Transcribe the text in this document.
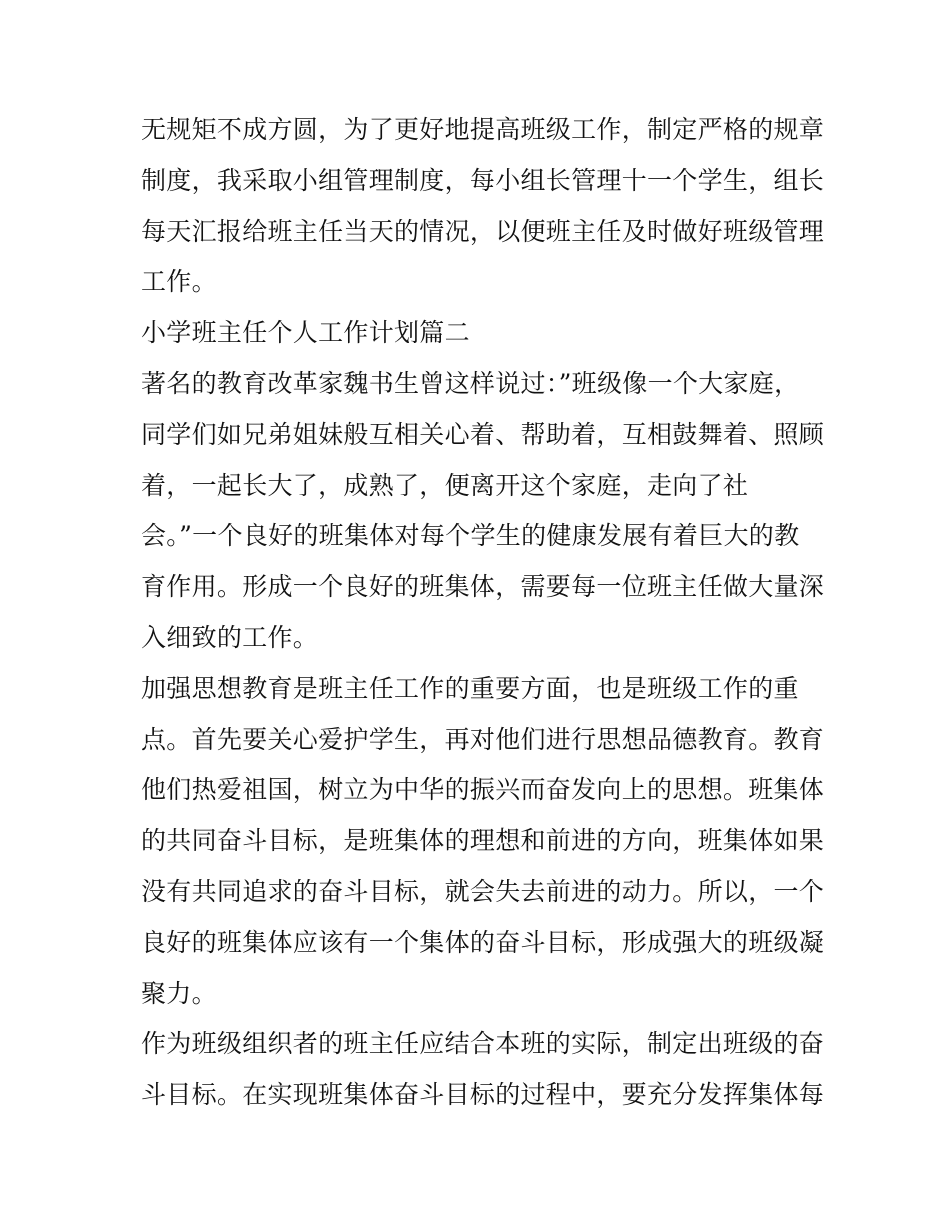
无规矩不成方圆，为了更好地提高班级工作，制定严格的规章
制度，我采取小组管理制度，每小组长管理十一个学生，组长
每天汇报给班主任当天的情况，以便班主任及时做好班级管理
工作。
小学班主任个人工作计划篇二
著名的教育改革家魏书生曾这样说过：”班级像一个大家庭，
同学们如兄弟姐妹般互相关心着、帮助着，互相鼓舞着、照顾
着，一起长大了，成熟了，便离开这个家庭，走向了社
会。”一个良好的班集体对每个学生的健康发展有着巨大的教
育作用。形成一个良好的班集体，需要每一位班主任做大量深
入细致的工作。
加强思想教育是班主任工作的重要方面，也是班级工作的重
点。首先要关心爱护学生，再对他们进行思想品德教育。教育
他们热爱祖国，树立为中华的振兴而奋发向上的思想。班集体
的共同奋斗目标，是班集体的理想和前进的方向，班集体如果
没有共同追求的奋斗目标，就会失去前进的动力。所以，一个
良好的班集体应该有一个集体的奋斗目标，形成强大的班级凝
聚力。
作为班级组织者的班主任应结合本班的实际，制定出班级的奋
斗目标。在实现班集体奋斗目标的过程中，要充分发挥集体每
